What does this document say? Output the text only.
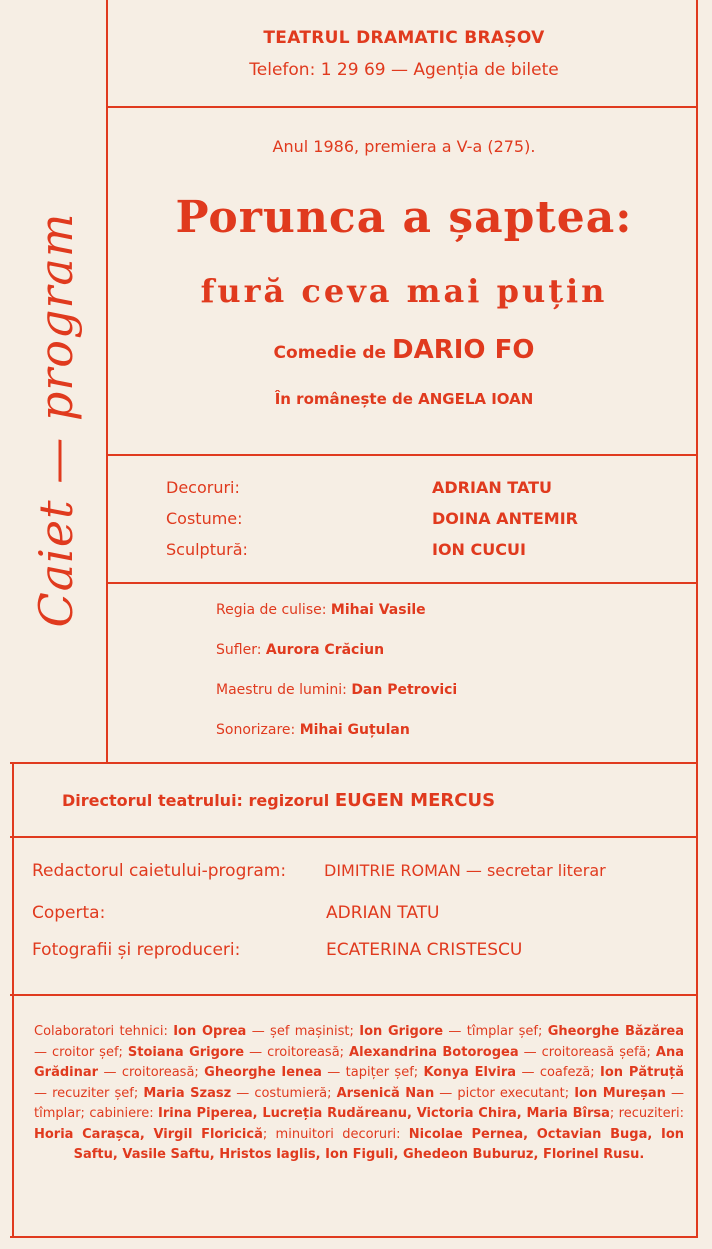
Caiet — program
TEATRUL DRAMATIC BRAȘOV
Telefon: 1 29 69 — Agenția de bilete
Anul 1986, premiera a V-a (275).
Porunca a șaptea:
fură ceva mai puțin
Comedie de DARIO FO
În românește de ANGELA IOAN
Decoruri:	ADRIAN TATU
Costume:	DOINA ANTEMIR
Sculptură:	ION CUCUI
Regia de culise: Mihai Vasile
Sufler: Aurora Crăciun
Maestru de lumini: Dan Petrovici
Sonorizare: Mihai Guțulan
Directorul teatrului: regizorul EUGEN MERCUS
Redactorul caietului-program: DIMITRIE ROMAN — secretar literar
Coperta:	ADRIAN TATU
Fotografii și reproduceri:	ECATERINA CRISTESCU
Colaboratori tehnici: Ion Oprea — șef mașinist; Ion Grigore — tîmplar șef; Gheorghe Băzărea — croitor șef; Stoiana Grigore — croitoreasă; Alexandrina Botorogea — croitoreasă șefă; Ana Grădinar — croitoreasă; Gheorghe Ienea — tapițer șef; Konya Elvira — coafeză; Ion Pătruță — recuziter șef; Maria Szasz — costumieră; Arsenică Nan — pictor executant; Ion Mureșan — tîmplar; cabiniere: Irina Piperea, Lucreția Rudăreanu, Victoria Chira, Maria Bîrsa; recuziteri: Horia Carașca, Virgil Floricică; minuitori decoruri: Nicolae Pernea, Octavian Buga, Ion Saftu, Vasile Saftu, Hristos Iaglis, Ion Figuli, Ghedeon Buburuz, Florinel Rusu.
